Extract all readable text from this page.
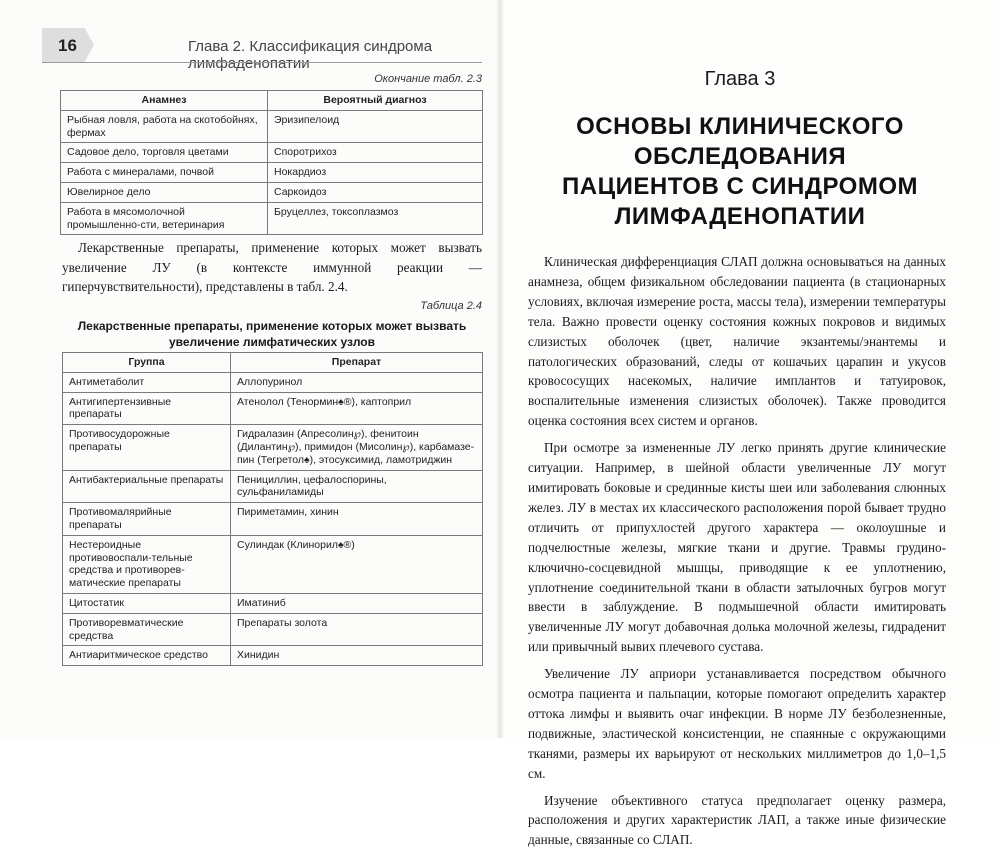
16	Глава 2. Классификация синдрома лимфаденопатии
Окончание табл. 2.3
Анамнез	Вероятный диагноз
Рыбная ловля, работа на скотобойнях, фермах	Эризипелоид
Садовое дело, торговля цветами	Споротрихоз
Работа с минералами, почвой	Нокардиоз
Ювелирное дело	Саркоидоз
Работа в мясомолочной промышленно-сти, ветеринария	Бруцеллез, токсоплазмоз

Лекарственные препараты, применение которых может вызвать увеличение ЛУ (в контексте иммунной реакции — гиперчувствительности), представлены в табл. 2.4.

Таблица 2.4
Лекарственные препараты, применение которых может вызвать увеличение лимфатических узлов
Группа	Препарат
Антиметаболит	Аллопуринол
Антигипертензивные препараты	Атенолол (Тенормин♠®), каптоприл
Противосудорожные препараты	Гидралазин (Апресолин℘), фенитоин (Дилантин℘), примидон (Мисолин℘), карбамазе-пин (Тегретол♠), этосуксимид, ламотриджин
Антибактериальные препараты	Пенициллин, цефалоспорины, сульфаниламиды
Противомалярийные препараты	Пириметамин, хинин
Нестероидные противовоспали-тельные средства и противорев-матические препараты	Сулиндак (Клинорил♠®)
Цитостатик	Иматиниб
Противоревматические средства	Препараты золота
Антиаритмическое средство	Хинидин
Глава 3
ОСНОВЫ КЛИНИЧЕСКОГО
ОБСЛЕДОВАНИЯ
ПАЦИЕНТОВ С СИНДРОМОМ
ЛИМФАДЕНОПАТИИ

Клиническая дифференциация СЛАП должна основываться на данных анамнеза, общем физикальном обследовании пациента (в стационарных условиях, включая измерение роста, массы тела), измерении температуры тела. Важно провести оценку состояния кожных покровов и видимых слизистых оболочек (цвет, наличие экзантемы/энантемы и патологических образований, следы от кошачьих царапин и укусов кровососущих насекомых, наличие имплантов и татуировок, воспалительные изменения слизистых оболочек). Также проводится оценка состояния всех систем и органов.

При осмотре за измененные ЛУ легко принять другие клинические ситуации. Например, в шейной области увеличенные ЛУ могут имитировать боковые и срединные кисты шеи или заболевания слюнных желез. ЛУ в местах их классического расположения порой бывает трудно отличить от припухлостей другого характера — околоушные и подчелюстные железы, мягкие ткани и другие. Травмы грудино-ключично-сосцевидной мышцы, приводящие к ее уплотнению, уплотнение соединительной ткани в области затылочных бугров могут ввести в заблуждение. В подмышечной области имитировать увеличенные ЛУ могут добавочная долька молочной железы, гидраденит или привычный вывих плечевого сустава.

Увеличение ЛУ априори устанавливается посредством обычного осмотра пациента и пальпации, которые помогают определить характер оттока лимфы и выявить очаг инфекции. В норме ЛУ безболезненные, подвижные, эластической консистенции, не спаянные с окружающими тканями, размеры их варьируют от нескольких миллиметров до 1,0–1,5 см.

Изучение объективного статуса предполагает оценку размера, расположения и других характеристик ЛАП, а также иные физические данные, связанные со СЛАП.
